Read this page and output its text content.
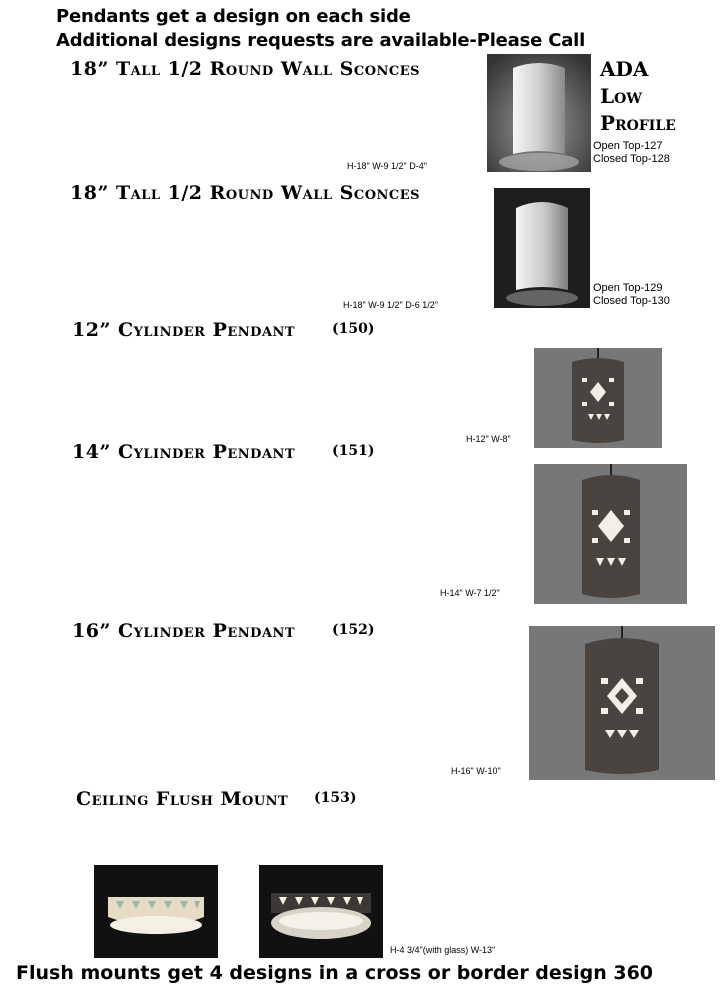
Pendants get a design on each side
Additional designs requests are available-Please Call
18” Tall 1/2 Round Wall Sconces	ADA
Low
Profile
Open Top-127
Closed Top-128
H-18" W-9 1/2" D-4"
18” Tall 1/2 Round Wall Sconces
Open Top-129
Closed Top-130
H-18" W-9 1/2" D-6 1/2"
12” Cylinder Pendant	(150)
H-12" W-8"
14” Cylinder Pendant	(151)
H-14" W-7 1/2"
16” Cylinder Pendant	(152)
H-16" W-10"
Ceiling Flush Mount (153)
H-4 3/4"(with glass) W-13"
Flush mounts get 4 designs in a cross or border design 360
